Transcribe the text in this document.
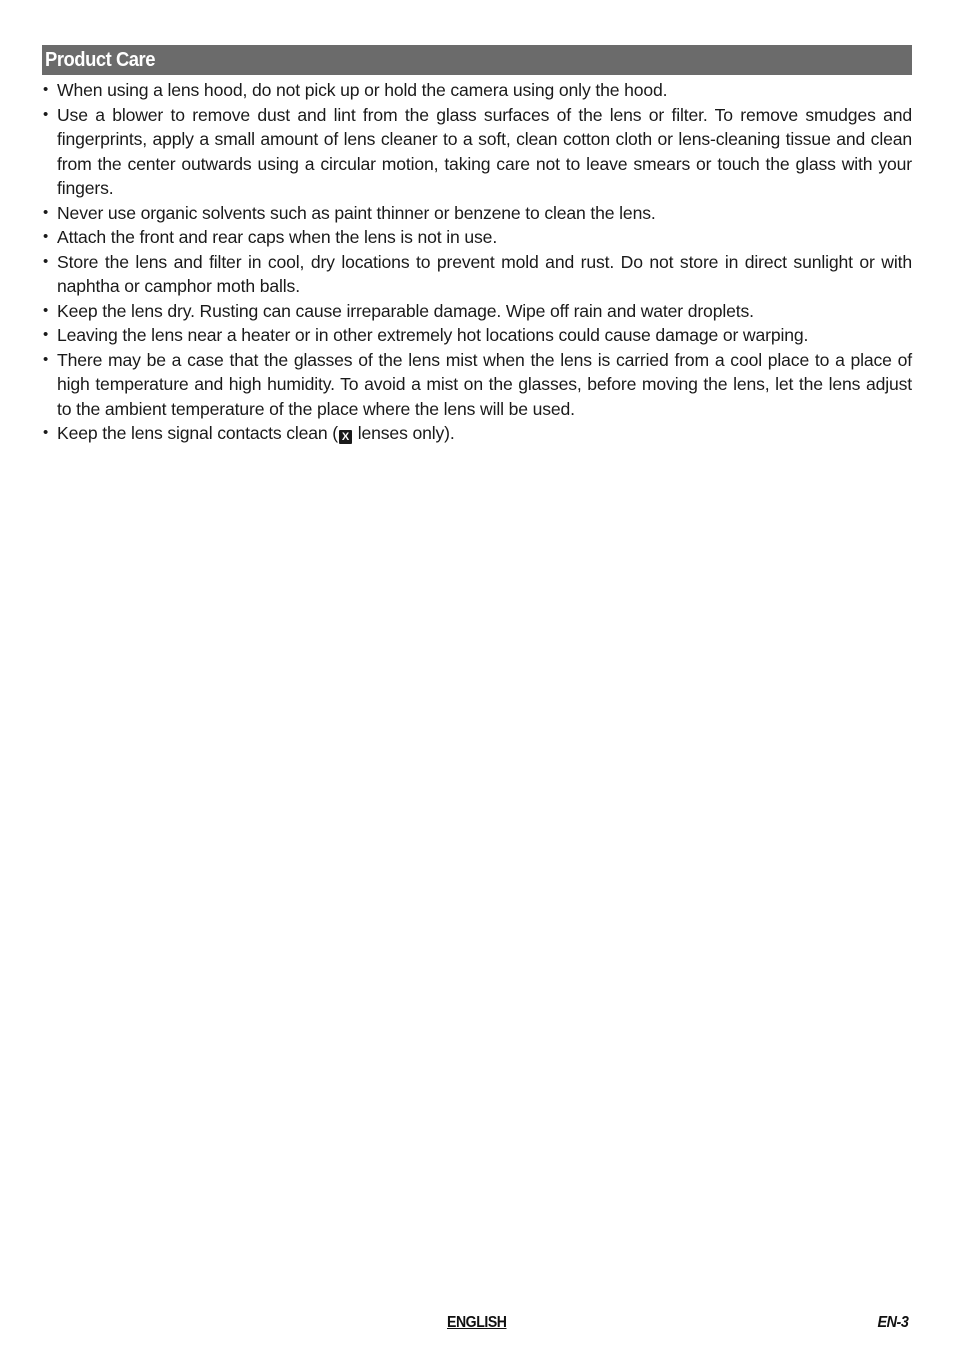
Product Care
• When using a lens hood, do not pick up or hold the camera using only the hood.
• Use a blower to remove dust and lint from the glass surfaces of the lens or filter. To remove smudges and fingerprints, apply a small amount of lens cleaner to a soft, clean cotton cloth or lens-cleaning tissue and clean from the center outwards using a circular motion, taking care not to leave smears or touch the glass with your fingers.
• Never use organic solvents such as paint thinner or benzene to clean the lens.
• Attach the front and rear caps when the lens is not in use.
• Store the lens and filter in cool, dry locations to prevent mold and rust. Do not store in direct sunlight or with naphtha or camphor moth balls.
• Keep the lens dry. Rusting can cause irreparable damage. Wipe off rain and water droplets.
• Leaving the lens near a heater or in other extremely hot locations could cause damage or warping.
• There may be a case that the glasses of the lens mist when the lens is carried from a cool place to a place of high temperature and high humidity. To avoid a mist on the glasses, before moving the lens, let the lens adjust to the ambient temperature of the place where the lens will be used.
• Keep the lens signal contacts clean ( X lenses only).
ENGLISH	EN-3
